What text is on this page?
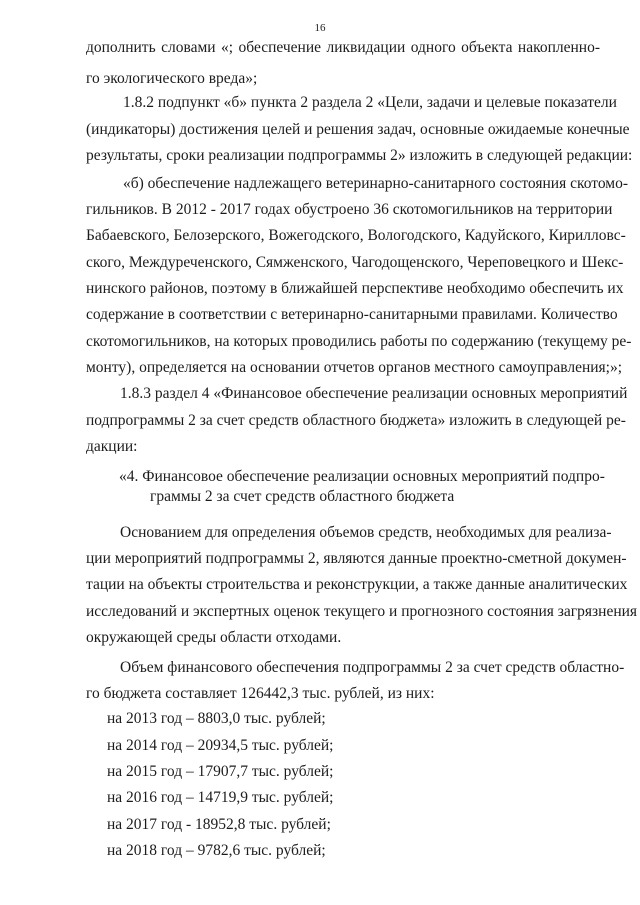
16
дополнить словами «; обеспечение ликвидации одного объекта накопленно-
го экологического вреда»;
1.8.2 подпункт «б» пункта 2 раздела 2 «Цели, задачи и целевые показатели
(индикаторы) достижения целей и решения задач, основные ожидаемые конечные
результаты, сроки реализации подпрограммы 2» изложить в следующей редакции:
«б) обеспечение надлежащего ветеринарно-санитарного состояния скотомо-
гильников. В 2012 - 2017 годах обустроено 36 скотомогильников на территории
Бабаевского, Белозерского, Вожегодского, Вологодского, Кадуйского, Кирилловс-
ского, Междуреченского, Сямженского, Чагодощенского, Череповецкого и Шекс-
нинского районов, поэтому в ближайшей перспективе необходимо обеспечить их
содержание в соответствии с ветеринарно-санитарными правилами. Количество
скотомогильников, на которых проводились работы по содержанию (текущему ре-
монту), определяется на основании отчетов органов местного самоуправления;»;
1.8.3 раздел 4 «Финансовое обеспечение реализации основных мероприятий
подпрограммы 2 за счет средств областного бюджета» изложить в следующей ре-
дакции:
«4. Финансовое обеспечение реализации основных мероприятий подпро-
граммы 2 за счет средств областного бюджета
Основанием для определения объемов средств, необходимых для реализа-
ции мероприятий подпрограммы 2, являются данные проектно-сметной докумен-
тации на объекты строительства и реконструкции, а также данные аналитических
исследований и экспертных оценок текущего и прогнозного состояния загрязнения
окружающей среды области отходами.
Объем финансового обеспечения подпрограммы 2 за счет средств областно-
го бюджета составляет 126442,3 тыс. рублей, из них:
на 2013 год – 8803,0 тыс. рублей;
на 2014 год – 20934,5 тыс. рублей;
на 2015 год – 17907,7 тыс. рублей;
на 2016 год – 14719,9 тыс. рублей;
на 2017 год - 18952,8 тыс. рублей;
на 2018 год – 9782,6 тыс. рублей;
